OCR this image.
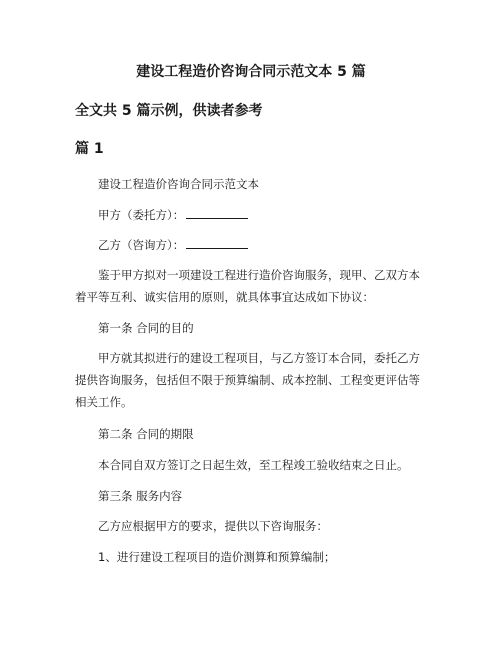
建设工程造价咨询合同示范文本 5 篇
全文共 5 篇示例，供读者参考
篇 1

建设工程造价咨询合同示范文本

甲方（委托方）：

乙方（咨询方）：

鉴于甲方拟对一项建设工程进行造价咨询服务，现甲、乙双方本着平等互利、诚实信用的原则，就具体事宜达成如下协议：

第一条 合同的目的

甲方就其拟进行的建设工程项目，与乙方签订本合同，委托乙方提供咨询服务，包括但不限于预算编制、成本控制、工程变更评估等相关工作。

第二条 合同的期限

本合同自双方签订之日起生效，至工程竣工验收结束之日止。

第三条 服务内容

乙方应根据甲方的要求，提供以下咨询服务：

1、进行建设工程项目的造价测算和预算编制；
